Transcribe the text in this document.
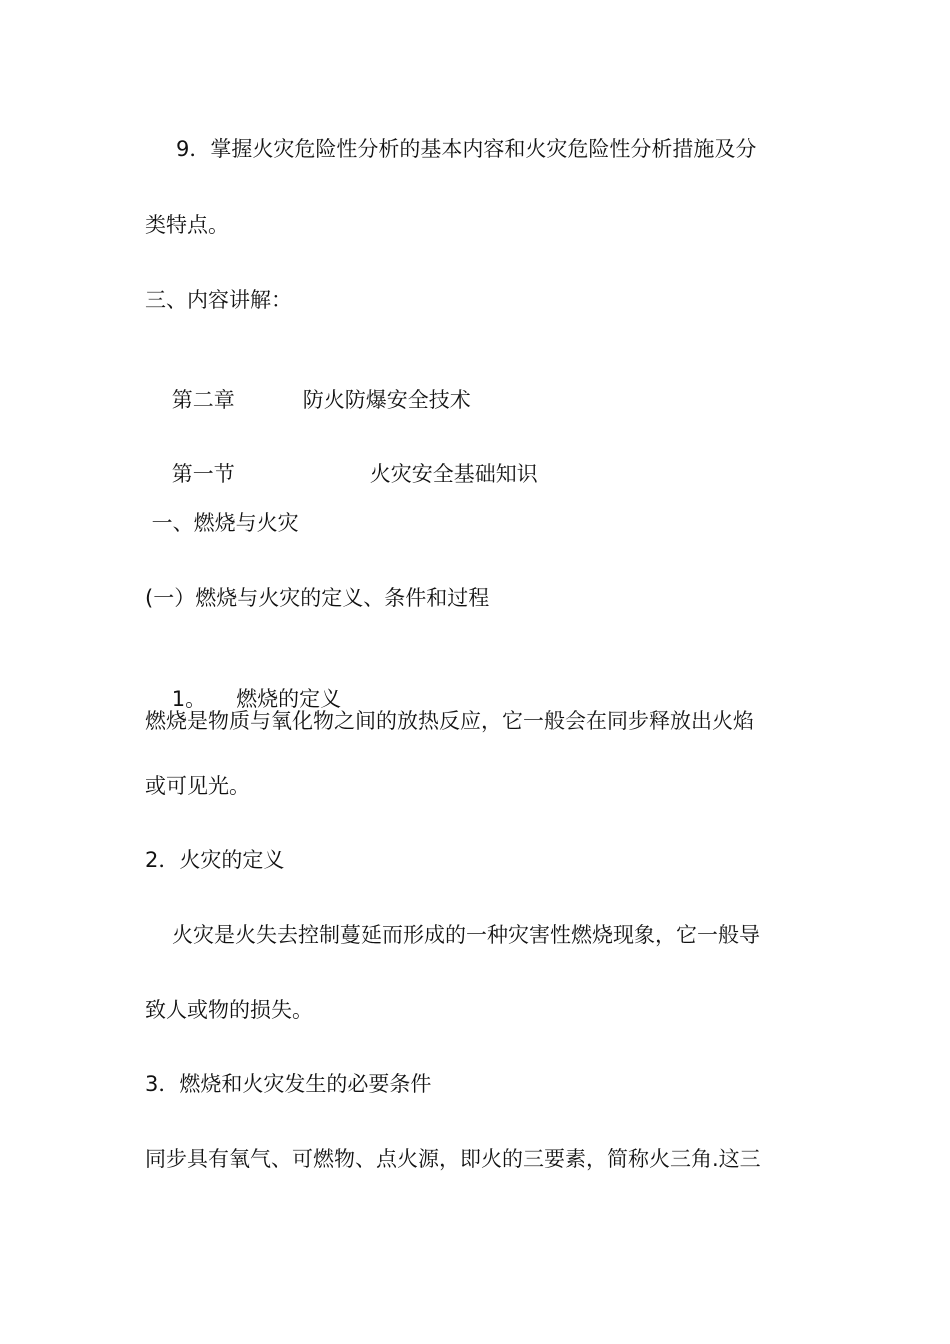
9．掌握火灾危险性分析的基本内容和火灾危险性分析措施及分
类特点。
三、内容讲解：

第二章	防火防爆安全技术

第一节	火灾安全基础知识

一、燃烧与火灾
(一）燃烧与火灾的定义、条件和过程

1。 燃烧的定义

燃烧是物质与氧化物之间的放热反应，它一般会在同步释放出火焰
或可见光。
2．火灾的定义
火灾是火失去控制蔓延而形成的一种灾害性燃烧现象，它一般导
致人或物的损失。
3．燃烧和火灾发生的必要条件
同步具有氧气、可燃物、点火源，即火的三要素，简称火三角.这三
